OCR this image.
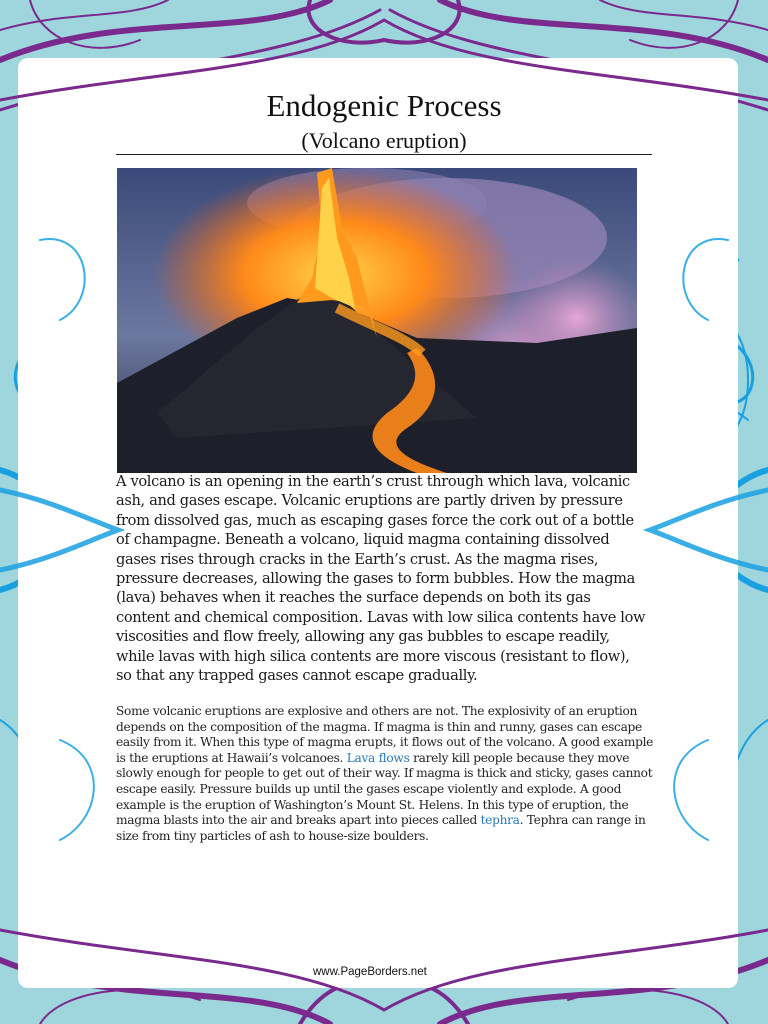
Endogenic Process
(Volcano eruption)

A volcano is an opening in the earth’s crust through which lava, volcanic ash, and gases escape. Volcanic eruptions are partly driven by pressure from dissolved gas, much as escaping gases force the cork out of a bottle of champagne. Beneath a volcano, liquid magma containing dissolved gases rises through cracks in the Earth’s crust. As the magma rises, pressure decreases, allowing the gases to form bubbles. How the magma (lava) behaves when it reaches the surface depends on both its gas content and chemical composition. Lavas with low silica contents have low viscosities and flow freely, allowing any gas bubbles to escape readily, while lavas with high silica contents are more viscous (resistant to flow), so that any trapped gases cannot escape gradually.

Some volcanic eruptions are explosive and others are not. The explosivity of an eruption depends on the composition of the magma. If magma is thin and runny, gases can escape easily from it. When this type of magma erupts, it flows out of the volcano. A good example is the eruptions at Hawaii’s volcanoes. Lava flows rarely kill people because they move slowly enough for people to get out of their way. If magma is thick and sticky, gases cannot escape easily. Pressure builds up until the gases escape violently and explode. A good example is the eruption of Washington’s Mount St. Helens. In this type of eruption, the magma blasts into the air and breaks apart into pieces called tephra. Tephra can range in size from tiny particles of ash to house-size boulders.

www.PageBorders.net
